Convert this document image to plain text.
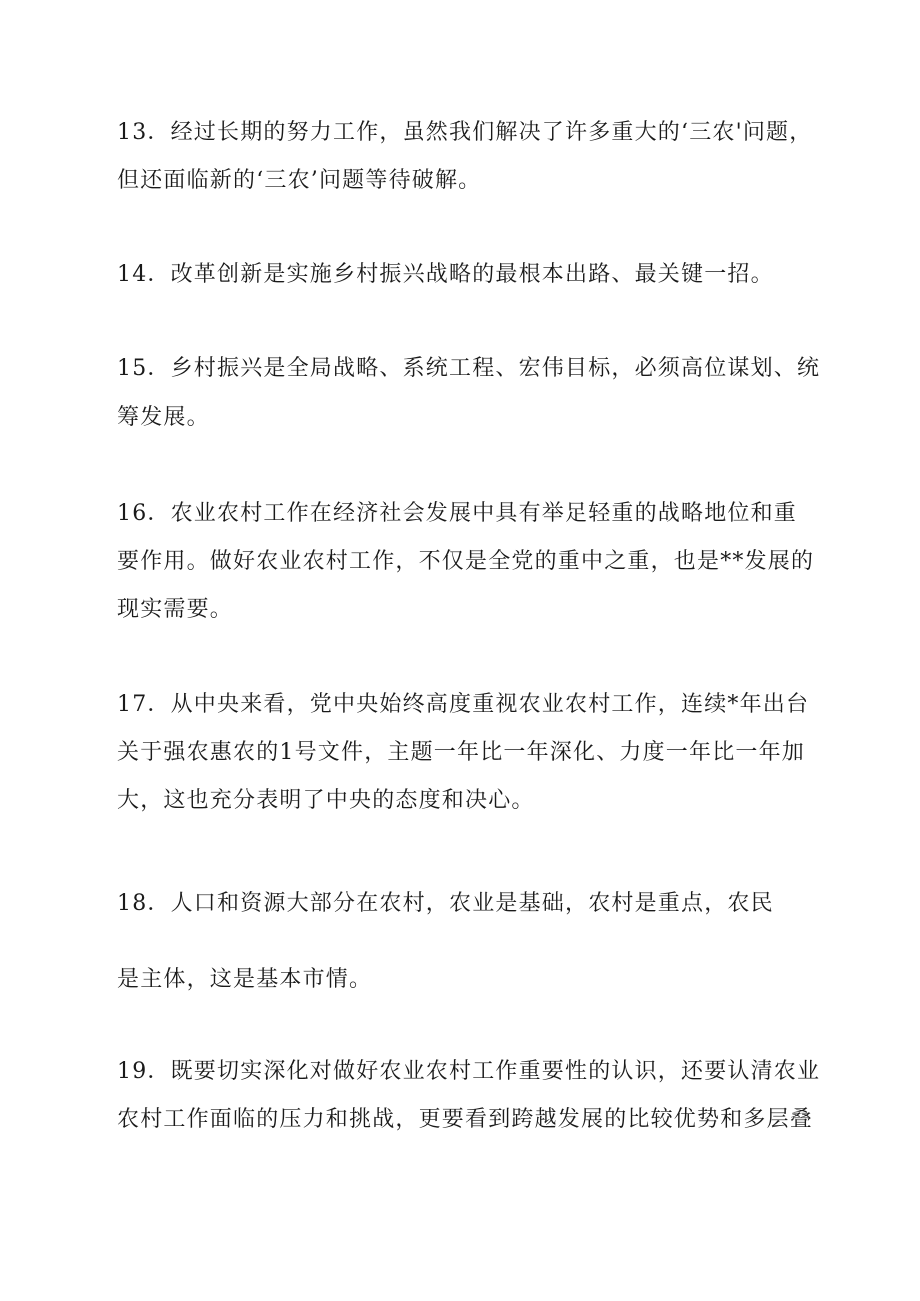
13．经过长期的努力工作，虽然我们解决了许多重大的‘三农'问题，
但还面临新的‘三农’问题等待破解。
14．改革创新是实施乡村振兴战略的最根本出路、最关键一招。
15．乡村振兴是全局战略、系统工程、宏伟目标，必须高位谋划、统
筹发展。
16．农业农村工作在经济社会发展中具有举足轻重的战略地位和重
要作用。做好农业农村工作，不仅是全党的重中之重，也是**发展的
现实需要。
17．从中央来看，党中央始终高度重视农业农村工作，连续*年出台
关于强农惠农的1号文件，主题一年比一年深化、力度一年比一年加
大，这也充分表明了中央的态度和决心。
18．人口和资源大部分在农村，农业是基础，农村是重点，农民
是主体，这是基本市情。
19．既要切实深化对做好农业农村工作重要性的认识，还要认清农业
农村工作面临的压力和挑战，更要看到跨越发展的比较优势和多层叠
